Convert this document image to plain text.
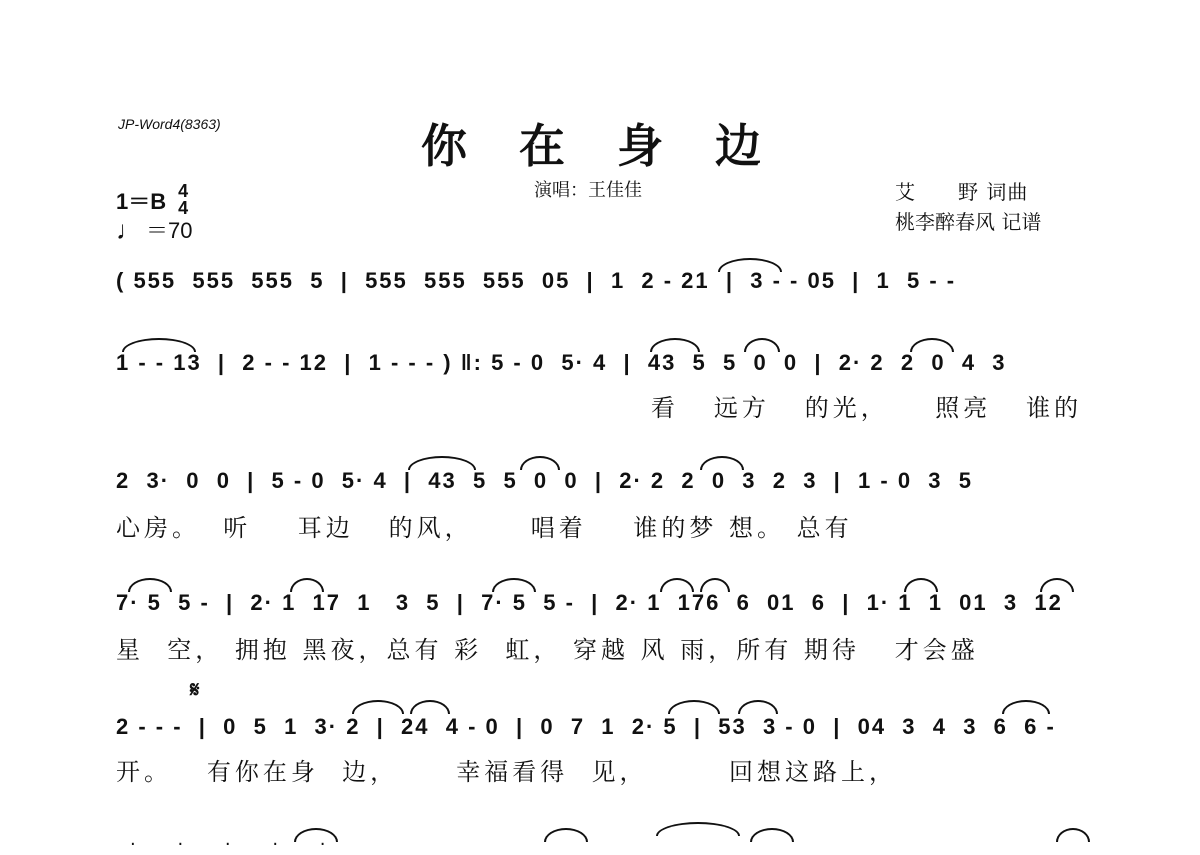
JP-Word4(8363)	你 在 身 边
演唱：王佳佳
1＝B 4
4
♩ ＝70
艾　　野 词曲
桃李醉春风 记谱
( 555  555  555  5  |  555  555  555  05  |  1  2 - 21  |  3 - - 05  |  1  5 - -
1 - - 13  |  2 - - 12  |  1 - - - ) ‖: 5 - 0  5· 4  |  43  5  5  0  0  |  2· 2  2  0  4  3
看   远方   的光，    照亮   谁的
2  3·  0  0  |  5 - 0  5· 4  |  43  5  5  0  0  |  2· 2  2  0  3  2  3  |  1 - 0  3  5
心房。  听    耳边   的风，     唱着    谁的梦 想。 总有
7· 5  5 -  |  2· 1  17  1   3  5  |  7· 5  5 -  |  2· 1  176  6  01  6  |  1· 1  1  01  3  12
星  空， 拥抱 黑夜，总有 彩  虹， 穿越 风 雨，所有 期待   才会盛
𝄋
2 - - -  |  0  5  1  3· 2  |  24  4 - 0  |  0  7  1  2· 5  |  53  3 - 0  |  04  3  4  3  6  6 -
开。   有你在身  边，     幸福看得  见，       回想这路上，
· · · · ·
